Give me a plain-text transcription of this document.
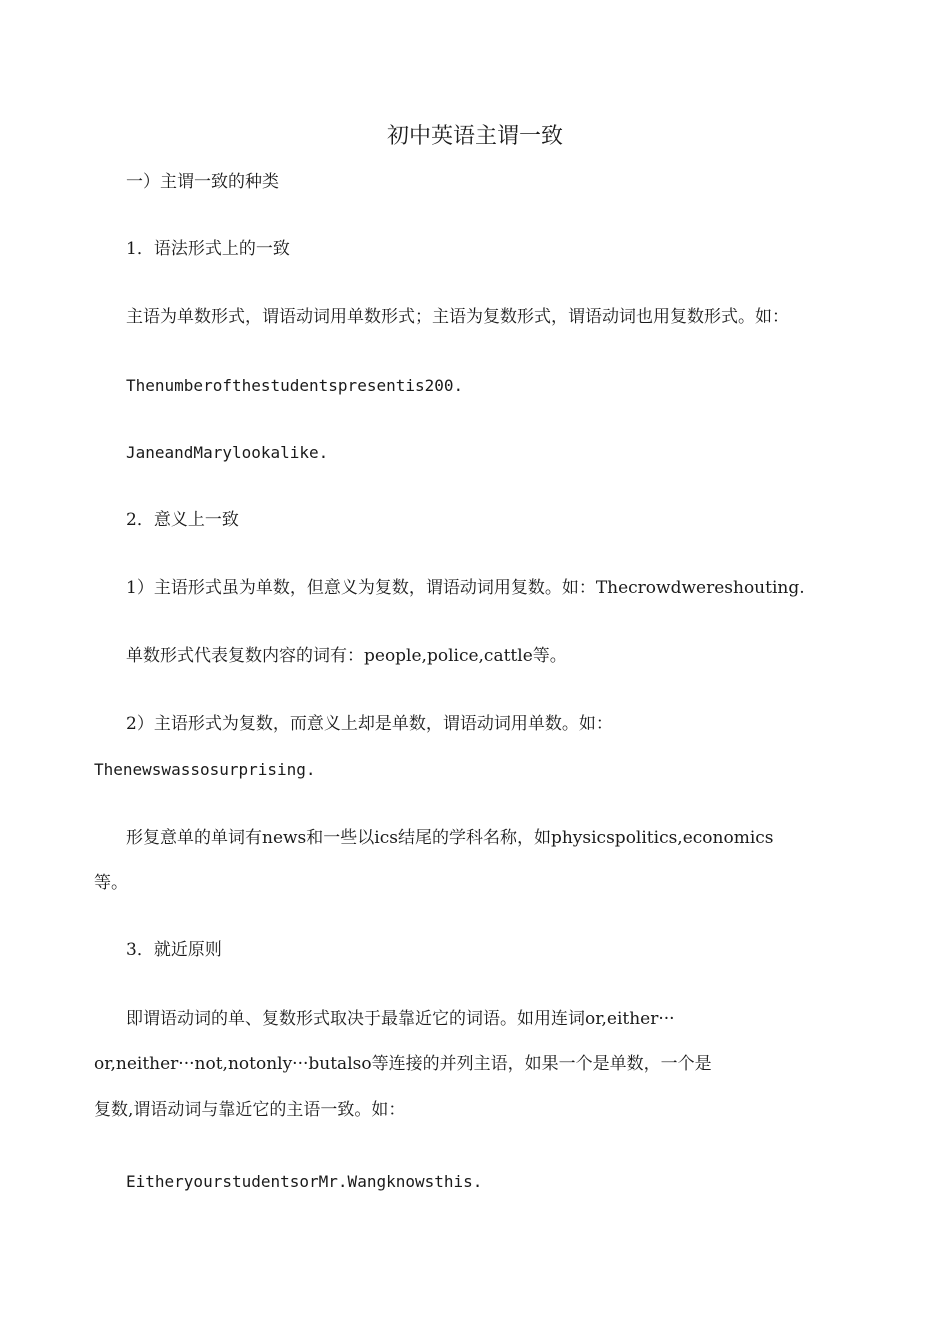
初中英语主谓一致
一）主谓一致的种类
1．语法形式上的一致
主语为单数形式，谓语动词用单数形式；主语为复数形式，谓语动词也用复数形式。如：
Thenumberofthestudentspresentis200.
JaneandMarylookalike.
2．意义上一致
1）主语形式虽为单数，但意义为复数，谓语动词用复数。如：Thecrowdwereshouting.
单数形式代表复数内容的词有：people,police,cattle等。
2）主语形式为复数，而意义上却是单数，谓语动词用单数。如：
Thenewswassosurprising.
形复意单的单词有news和一些以ics结尾的学科名称，如physicspolitics,economics
等。
3．就近原则
即谓语动词的单、复数形式取决于最靠近它的词语。如用连词or,either···
or,neither···not,notonly···butalso等连接的并列主语，如果一个是单数，一个是
复数,谓语动词与靠近它的主语一致。如：
EitheryourstudentsorMr.Wangknowsthis.
